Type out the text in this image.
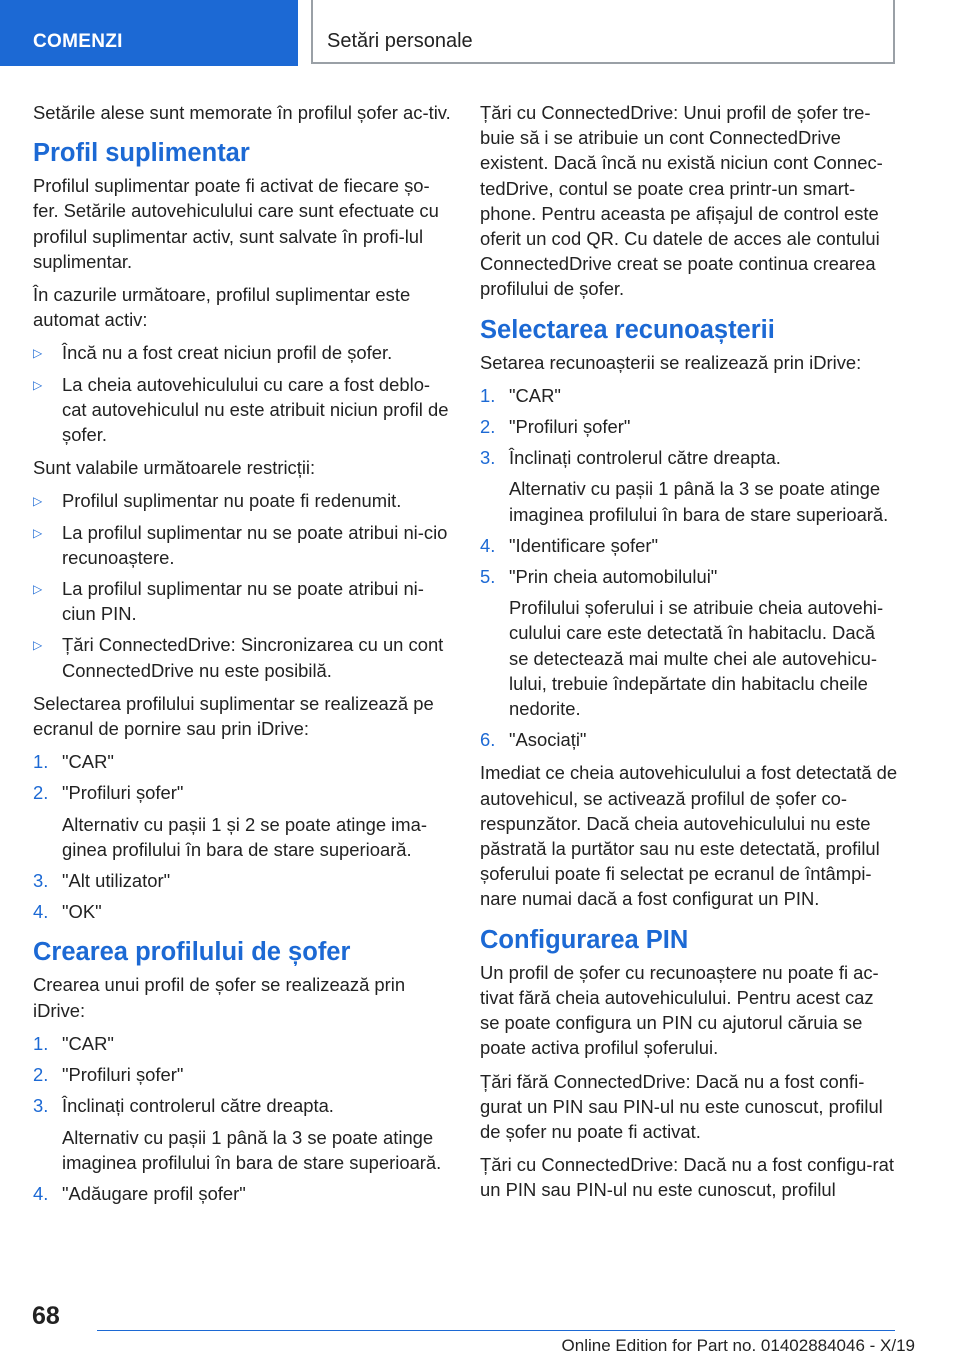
COMENZI	Setări personale

Setările alese sunt memorate în profilul șofer ac-tiv.

Profil suplimentar

Profilul suplimentar poate fi activat de fiecare șo-fer. Setările autovehiculului care sunt efectuate cu profilul suplimentar activ, sunt salvate în profi-lul suplimentar.

În cazurile următoare, profilul suplimentar este automat activ:

▷ Încă nu a fost creat niciun profil de șofer.
▷ La cheia autovehiculului cu care a fost deblo-cat autovehiculul nu este atribuit niciun profil de șofer.

Sunt valabile următoarele restricții:

▷ Profilul suplimentar nu poate fi redenumit.
▷ La profilul suplimentar nu se poate atribui ni-cio recunoaștere.
▷ La profilul suplimentar nu se poate atribui ni-ciun PIN.
▷ Țări ConnectedDrive: Sincronizarea cu un cont ConnectedDrive nu este posibilă.

Selectarea profilului suplimentar se realizează pe ecranul de pornire sau prin iDrive:

1. "CAR"
2. "Profiluri șofer"
Alternativ cu pașii 1 și 2 se poate atinge ima-ginea profilului în bara de stare superioară.
3. "Alt utilizator"
4. "OK"
Crearea profilului de șofer

Crearea unui profil de șofer se realizează prin iDrive:

1. "CAR"
2. "Profiluri șofer"
3. Înclinați controlerul către dreapta.
Alternativ cu pașii 1 până la 3 se poate atinge imaginea profilului în bara de stare superioară.
4. "Adăugare profil șofer"

Țări cu ConnectedDrive: Unui profil de șofer tre-buie să i se atribuie un cont ConnectedDrive existent. Dacă încă nu există niciun cont Connec-tedDrive, contul se poate crea printr-un smart-phone. Pentru aceasta pe afișajul de control este oferit un cod QR. Cu datele de acces ale contului ConnectedDrive creat se poate continua crearea profilului de șofer.

Selectarea recunoașterii

Setarea recunoașterii se realizează prin iDrive:

1. "CAR"
2. "Profiluri șofer"
3. Înclinați controlerul către dreapta.
Alternativ cu pașii 1 până la 3 se poate atinge imaginea profilului în bara de stare superioară.
4. "Identificare șofer"
5. "Prin cheia automobilului"
Profilului șoferului i se atribuie cheia autovehi-culului care este detectată în habitaclu. Dacă se detectează mai multe chei ale autovehicu-lului, trebuie îndepărtate din habitaclu cheile nedorite.
6. "Asociați"

Imediat ce cheia autovehiculului a fost detectată de autovehicul, se activează profilul de șofer co-respunzător. Dacă cheia autovehiculului nu este păstrată la purtător sau nu este detectată, profilul șoferului poate fi selectat pe ecranul de întâmpi-nare numai dacă a fost configurat un PIN.

Configurarea PIN

Un profil de șofer cu recunoaștere nu poate fi ac-tivat fără cheia autovehiculului. Pentru acest caz se poate configura un PIN cu ajutorul căruia se poate activa profilul șoferului.

Țări fără ConnectedDrive: Dacă nu a fost confi-gurat un PIN sau PIN-ul nu este cunoscut, profilul de șofer nu poate fi activat.

Țări cu ConnectedDrive: Dacă nu a fost configu-rat un PIN sau PIN-ul nu este cunoscut, profilul

68
Online Edition for Part no. 01402884046 - X/19
